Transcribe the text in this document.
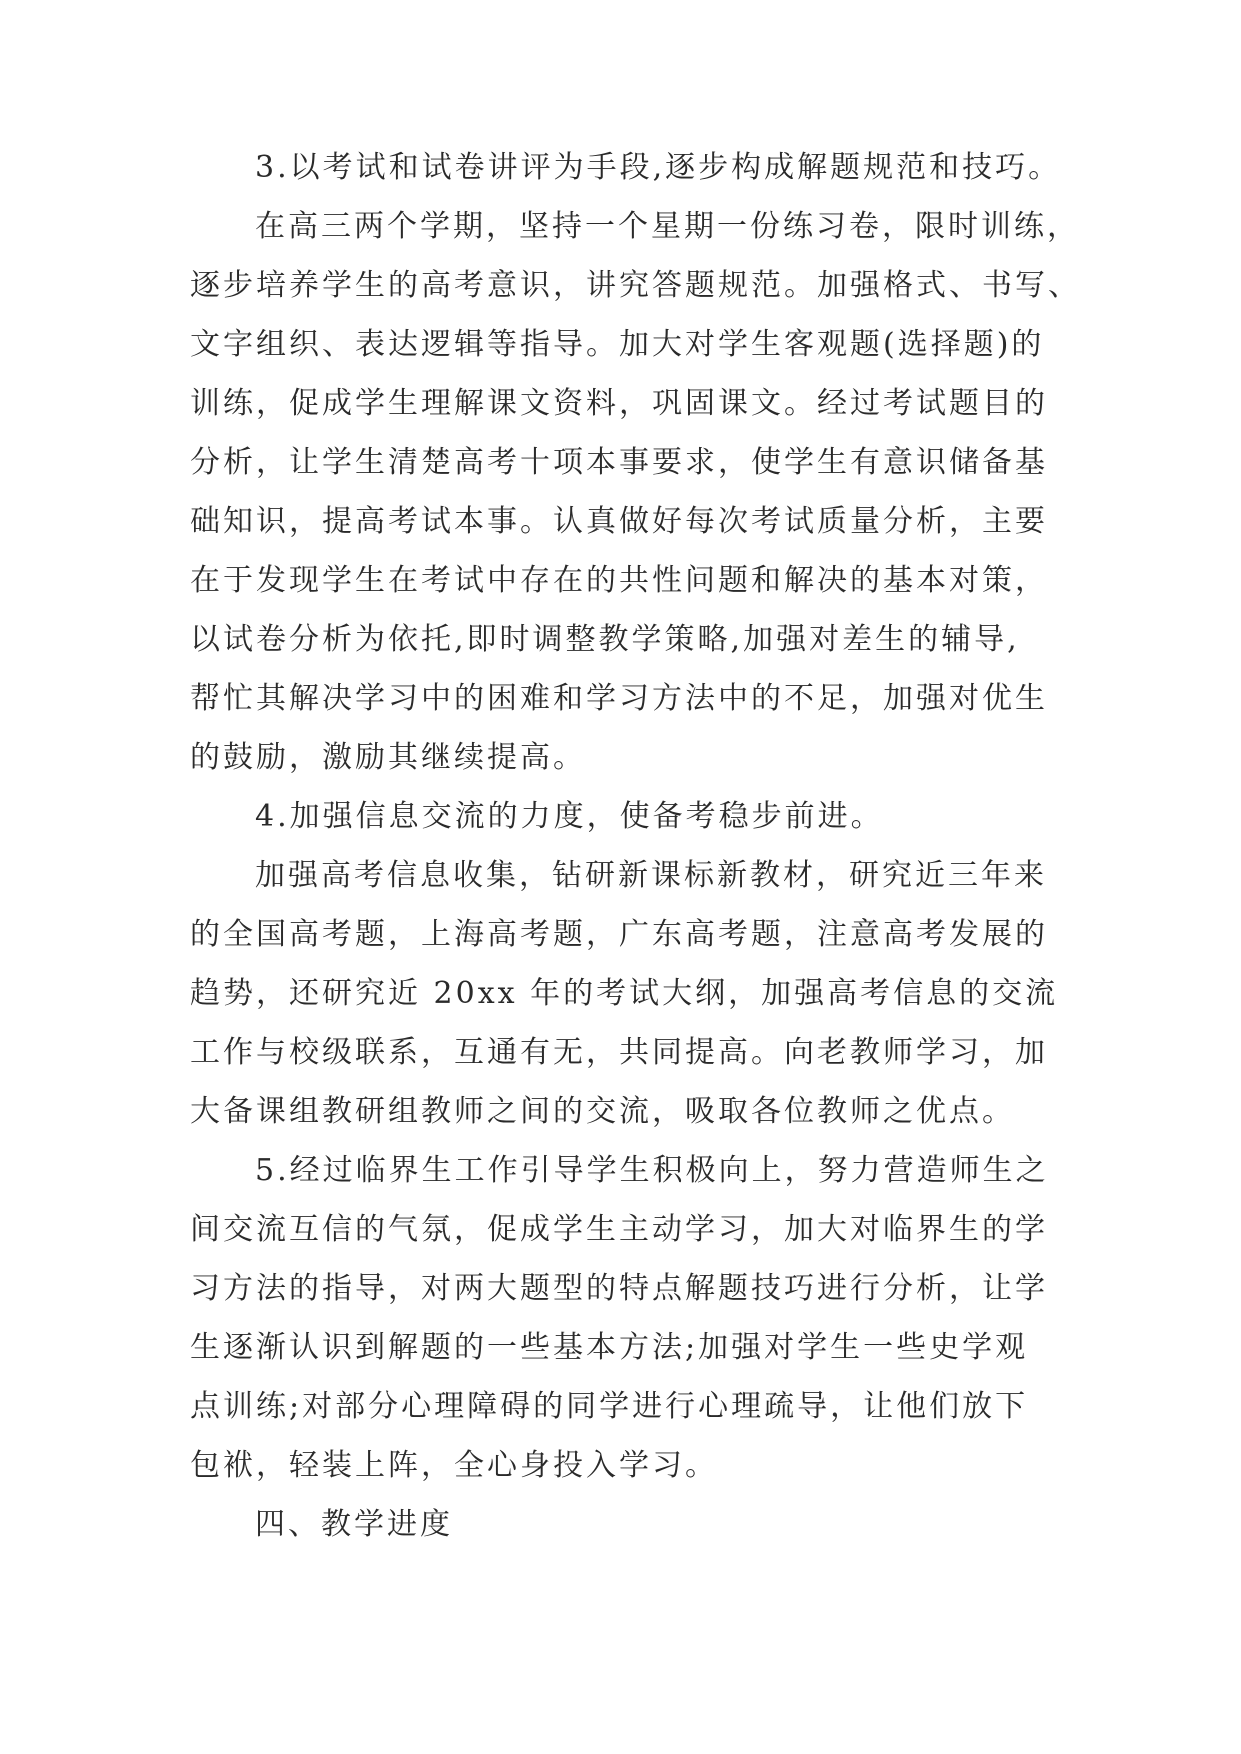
3.以考试和试卷讲评为手段,逐步构成解题规范和技巧。
在高三两个学期，坚持一个星期一份练习卷，限时训练，
逐步培养学生的高考意识，讲究答题规范。加强格式、书写、
文字组织、表达逻辑等指导。加大对学生客观题(选择题)的
训练，促成学生理解课文资料，巩固课文。经过考试题目的
分析，让学生清楚高考十项本事要求，使学生有意识储备基
础知识，提高考试本事。认真做好每次考试质量分析，主要
在于发现学生在考试中存在的共性问题和解决的基本对策，
以试卷分析为依托,即时调整教学策略,加强对差生的辅导,
帮忙其解决学习中的困难和学习方法中的不足，加强对优生
的鼓励，激励其继续提高。
4.加强信息交流的力度，使备考稳步前进。
加强高考信息收集，钻研新课标新教材，研究近三年来
的全国高考题，上海高考题，广东高考题，注意高考发展的
趋势，还研究近 20xx 年的考试大纲，加强高考信息的交流
工作与校级联系，互通有无，共同提高。向老教师学习，加
大备课组教研组教师之间的交流，吸取各位教师之优点。
5.经过临界生工作引导学生积极向上，努力营造师生之
间交流互信的气氛，促成学生主动学习，加大对临界生的学
习方法的指导，对两大题型的特点解题技巧进行分析，让学
生逐渐认识到解题的一些基本方法;加强对学生一些史学观
点训练;对部分心理障碍的同学进行心理疏导，让他们放下
包袱，轻装上阵，全心身投入学习。
四、教学进度
